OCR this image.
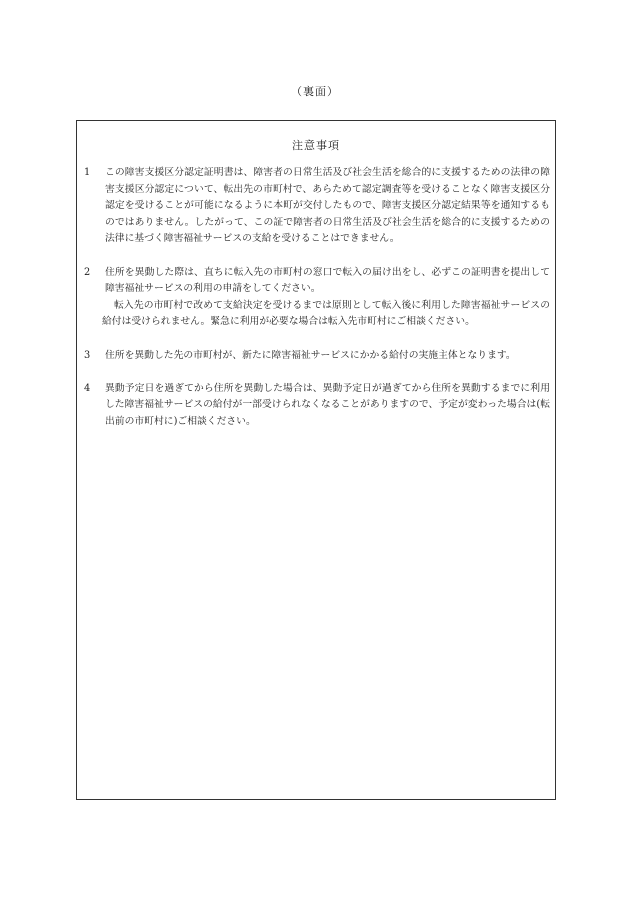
（裏面）
注意事項
1	この障害支援区分認定証明書は、障害者の日常生活及び社会生活を総合的に支援するための法律の障害支援区分認定について、転出先の市町村で、あらためて認定調査等を受けることなく障害支援区分認定を受けることが可能になるように本町が交付したもので、障害支援区分認定結果等を通知するものではありません。したがって、この証で障害者の日常生活及び社会生活を総合的に支援するための法律に基づく障害福祉サービスの支給を受けることはできません。
2	住所を異動した際は、直ちに転入先の市町村の窓口で転入の届け出をし、必ずこの証明書を提出して障害福祉サービスの利用の申請をしてください。
転入先の市町村で改めて支給決定を受けるまでは原則として転入後に利用した障害福祉サービスの給付は受けられません。緊急に利用が必要な場合は転入先市町村にご相談ください。
3	住所を異動した先の市町村が、新たに障害福祉サービスにかかる給付の実施主体となります。
4	異動予定日を過ぎてから住所を異動した場合は、異動予定日が過ぎてから住所を異動するまでに利用した障害福祉サービスの給付が一部受けられなくなることがありますので、予定が変わった場合は(転出前の市町村に)ご相談ください。
